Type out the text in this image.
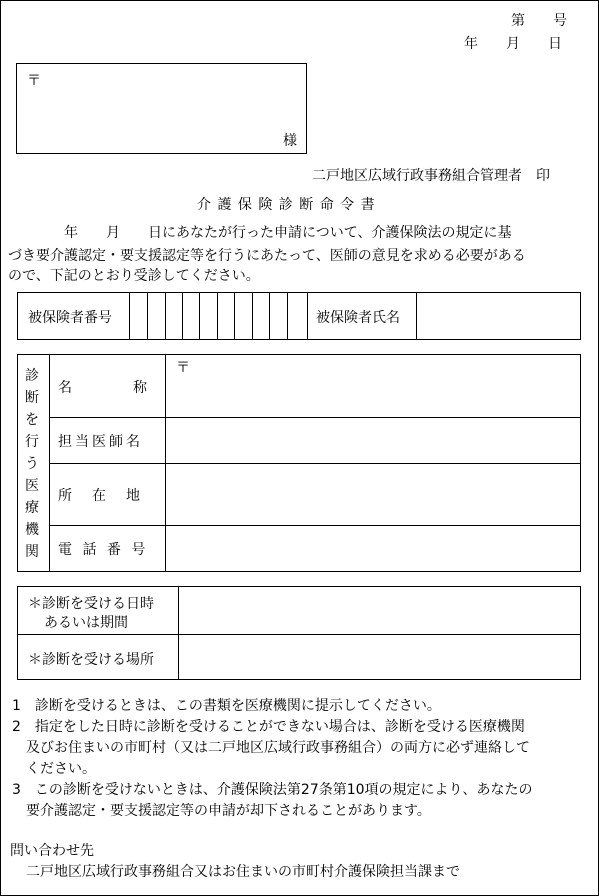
第　　号
年　　月　　日
〒
様
二戸地区広域行政事務組合管理者　印
介 護 保 険 診 断 命 令 書
　　　　年　　月　　日にあなたが行った申請について、介護保険法の規定に基
づき要介護認定・要支援認定等を行うにあたって、医師の意見を求める必要がある
ので、下記のとおり受診してください。
被保険者番号	被保険者氏名
診断を行う医療機関
名　　　　称
〒
担当医師名
所　在　地
電 話 番 号
＊診断を受ける日時
あるいは期間
＊診断を受ける場所
1　診断を受けるときは、この書類を医療機関に提示してください。
2　指定をした日時に診断を受けることができない場合は、診断を受ける医療機関
及びお住まいの市町村（又は二戸地区広域行政事務組合）の両方に必ず連絡して
ください。
3　この診断を受けないときは、介護保険法第27条第10項の規定により、あなたの
要介護認定・要支援認定等の申請が却下されることがあります。
問い合わせ先
二戸地区広域行政事務組合又はお住まいの市町村介護保険担当課まで
